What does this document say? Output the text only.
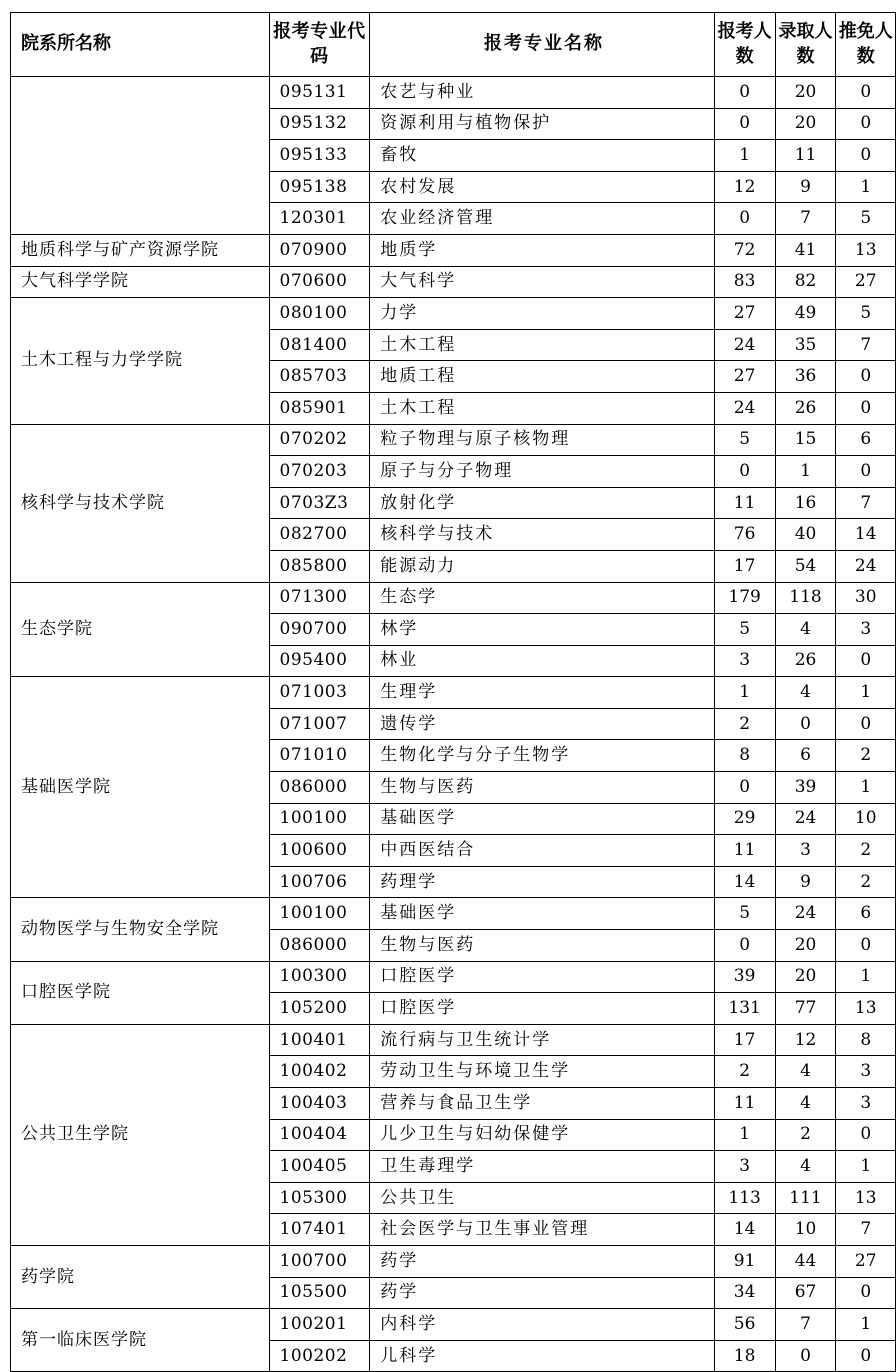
院系所名称	报考专业代码	报考专业名称	报考人数	录取人数	推免人数
	095131	农艺与种业	0	20	0
	095132	资源利用与植物保护	0	20	0
	095133	畜牧	1	11	0
	095138	农村发展	12	9	1
	120301	农业经济管理	0	7	5
地质科学与矿产资源学院	070900	地质学	72	41	13
大气科学学院	070600	大气科学	83	82	27
土木工程与力学学院	080100	力学	27	49	5
	081400	土木工程	24	35	7
	085703	地质工程	27	36	0
	085901	土木工程	24	26	0
核科学与技术学院	070202	粒子物理与原子核物理	5	15	6
	070203	原子与分子物理	0	1	0
	0703Z3	放射化学	11	16	7
	082700	核科学与技术	76	40	14
	085800	能源动力	17	54	24
生态学院	071300	生态学	179	118	30
	090700	林学	5	4	3
	095400	林业	3	26	0
基础医学院	071003	生理学	1	4	1
	071007	遗传学	2	0	0
	071010	生物化学与分子生物学	8	6	2
	086000	生物与医药	0	39	1
	100100	基础医学	29	24	10
	100600	中西医结合	11	3	2
	100706	药理学	14	9	2
动物医学与生物安全学院	100100	基础医学	5	24	6
	086000	生物与医药	0	20	0
口腔医学院	100300	口腔医学	39	20	1
	105200	口腔医学	131	77	13
公共卫生学院	100401	流行病与卫生统计学	17	12	8
	100402	劳动卫生与环境卫生学	2	4	3
	100403	营养与食品卫生学	11	4	3
	100404	儿少卫生与妇幼保健学	1	2	0
	100405	卫生毒理学	3	4	1
	105300	公共卫生	113	111	13
	107401	社会医学与卫生事业管理	14	10	7
药学院	100700	药学	91	44	27
	105500	药学	34	67	0
第一临床医学院	100201	内科学	56	7	1
	100202	儿科学	18	0	0
